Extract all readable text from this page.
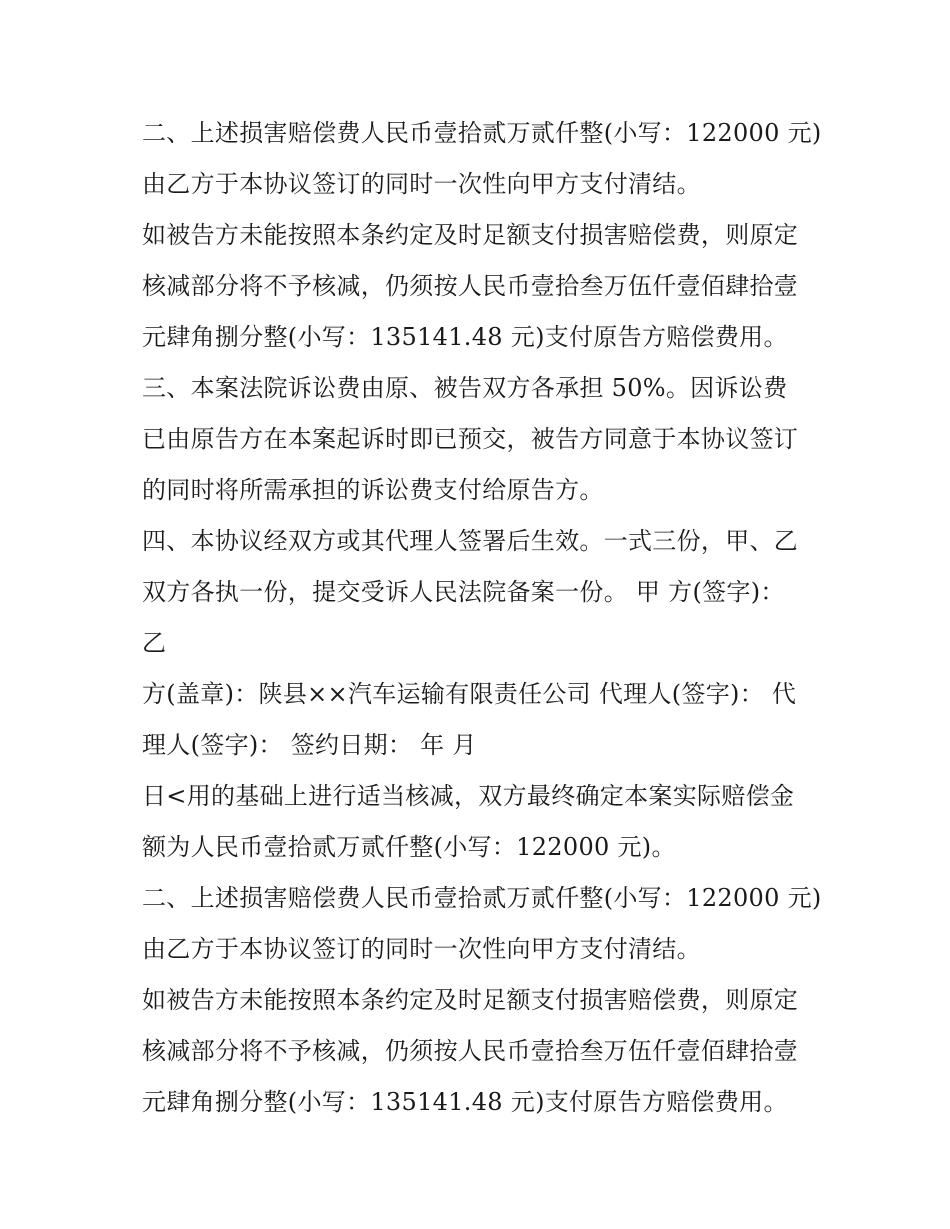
二、上述损害赔偿费人民币壹拾贰万贰仟整(小写：122000 元)
由乙方于本协议签订的同时一次性向甲方支付清结。
如被告方未能按照本条约定及时足额支付损害赔偿费，则原定
核减部分将不予核减，仍须按人民币壹拾叁万伍仟壹佰肆拾壹
元肆角捌分整(小写：135141.48 元)支付原告方赔偿费用。
三、本案法院诉讼费由原、被告双方各承担 50%。因诉讼费
已由原告方在本案起诉时即已预交，被告方同意于本协议签订
的同时将所需承担的诉讼费支付给原告方。
四、本协议经双方或其代理人签署后生效。一式三份，甲、乙
双方各执一份，提交受诉人民法院备案一份。 甲 方(签字)：
乙
方(盖章)：陕县××汽车运输有限责任公司 代理人(签字)： 代
理人(签字)： 签约日期： 年 月
日<用的基础上进行适当核减，双方最终确定本案实际赔偿金
额为人民币壹拾贰万贰仟整(小写：122000 元)。
二、上述损害赔偿费人民币壹拾贰万贰仟整(小写：122000 元)
由乙方于本协议签订的同时一次性向甲方支付清结。
如被告方未能按照本条约定及时足额支付损害赔偿费，则原定
核减部分将不予核减，仍须按人民币壹拾叁万伍仟壹佰肆拾壹
元肆角捌分整(小写：135141.48 元)支付原告方赔偿费用。
